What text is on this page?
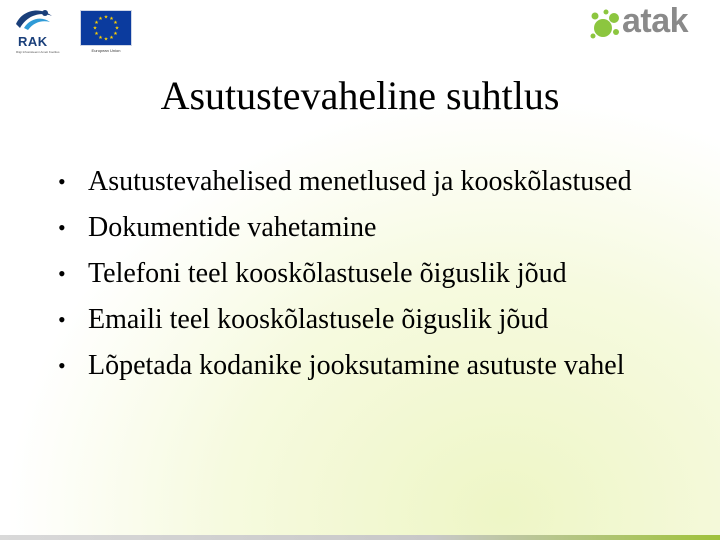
RAK
Riigi Infosüsteemi Ameti Koolitus
★ ★
★
★
★
★
★
★
★
★
★
★
European Union
atak
Asutustevaheline suhtlus
• Asutustevahelised menetlused ja kooskõlastused
• Dokumentide vahetamine
• Telefoni teel kooskõlastusele õiguslik jõud
• Emaili teel kooskõlastusele õiguslik jõud
• Lõpetada kodanike jooksutamine asutuste vahel
